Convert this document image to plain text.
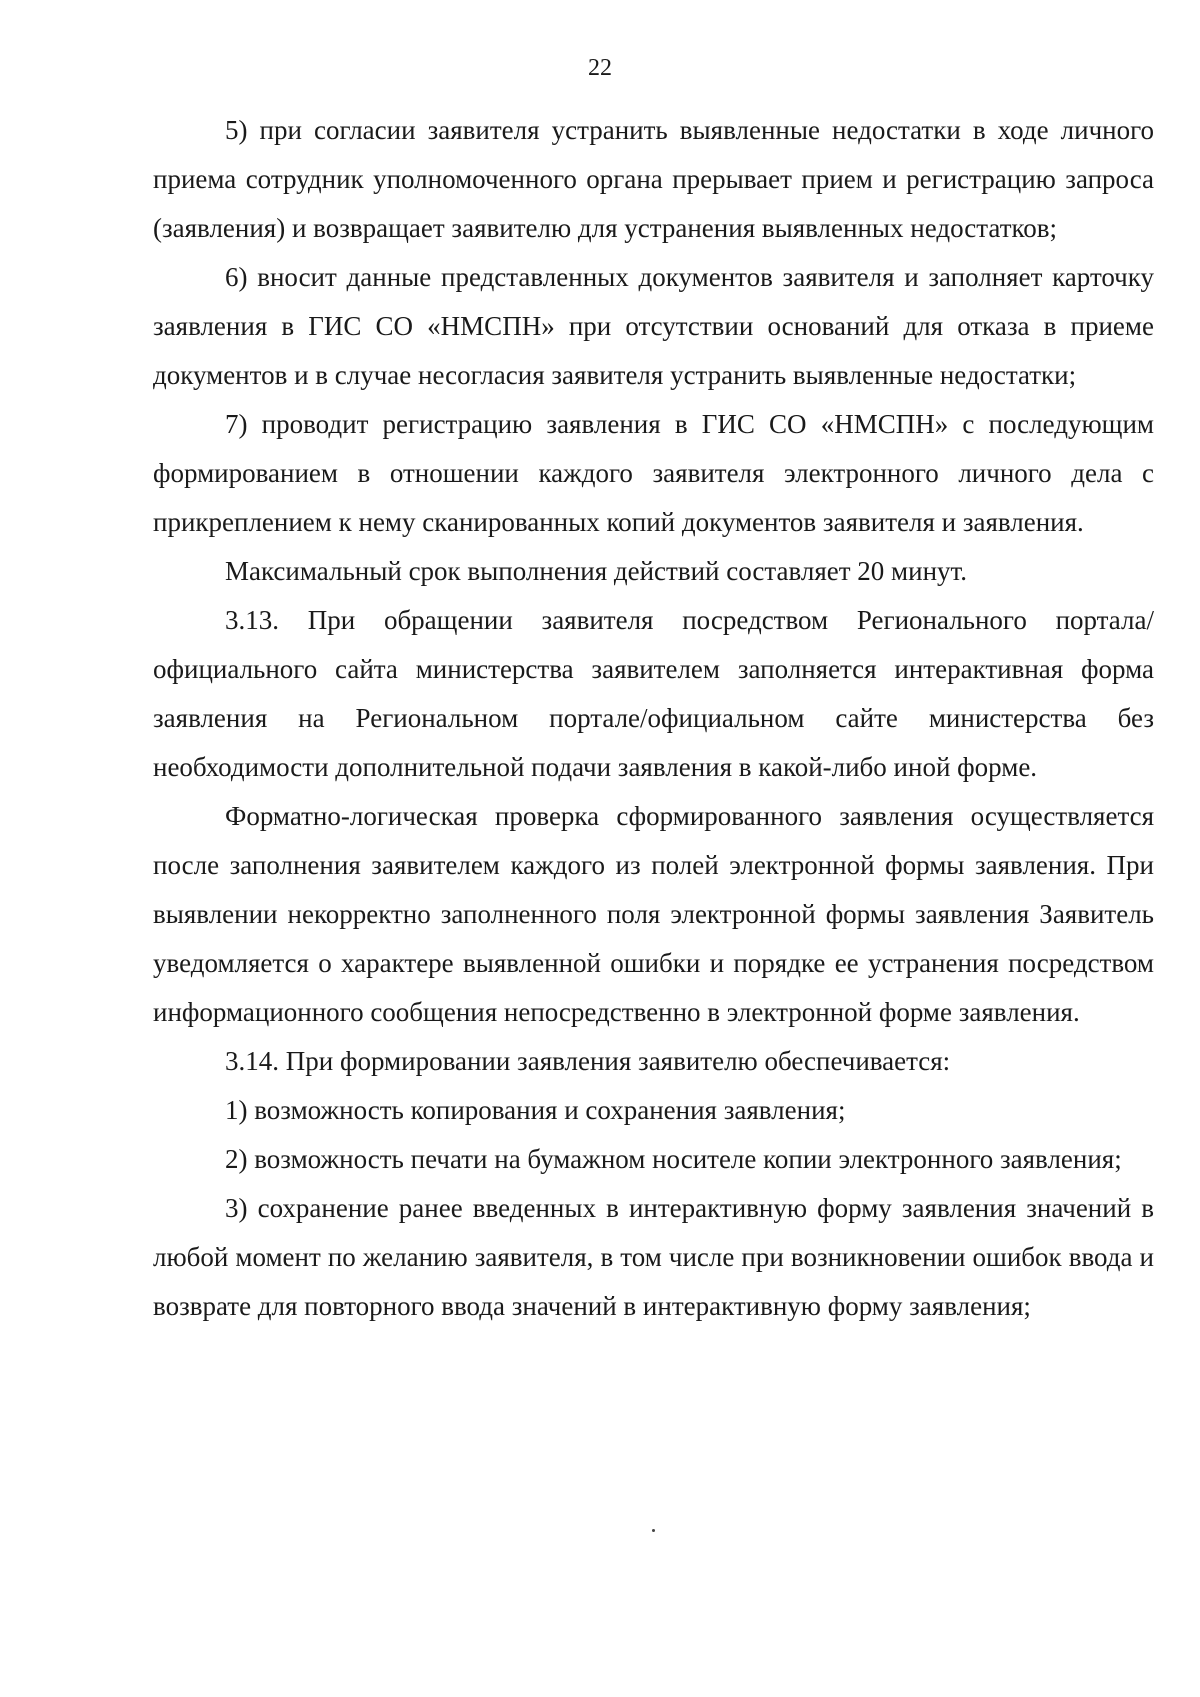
22

5) при согласии заявителя устранить выявленные недостатки в ходе личного приема сотрудник уполномоченного органа прерывает прием и регистрацию запроса (заявления) и возвращает заявителю для устранения выявленных недостатков;

6) вносит данные представленных документов заявителя и заполняет карточку заявления в ГИС СО «НМСПН» при отсутствии оснований для отказа в приеме документов и в случае несогласия заявителя устранить выявленные недостатки;

7) проводит регистрацию заявления в ГИС СО «НМСПН» с последующим формированием в отношении каждого заявителя электронного личного дела с прикреплением к нему сканированных копий документов заявителя и заявления.

Максимальный срок выполнения действий составляет 20 минут.

3.13. При обращении заявителя посредством Регионального портала/официального сайта министерства заявителем заполняется интерактивная форма заявления на Региональном портале/официальном сайте министерства без необходимости дополнительной подачи заявления в какой-либо иной форме.

Форматно-логическая проверка сформированного заявления осуществляется после заполнения заявителем каждого из полей электронной формы заявления. При выявлении некорректно заполненного поля электронной формы заявления Заявитель уведомляется о характере выявленной ошибки и порядке ее устранения посредством информационного сообщения непосредственно в электронной форме заявления.

3.14. При формировании заявления заявителю обеспечивается:

1) возможность копирования и сохранения заявления;

2) возможность печати на бумажном носителе копии электронного заявления;

3) сохранение ранее введенных в интерактивную форму заявления значений в любой момент по желанию заявителя, в том числе при возникновении ошибок ввода и возврате для повторного ввода значений в интерактивную форму заявления;
